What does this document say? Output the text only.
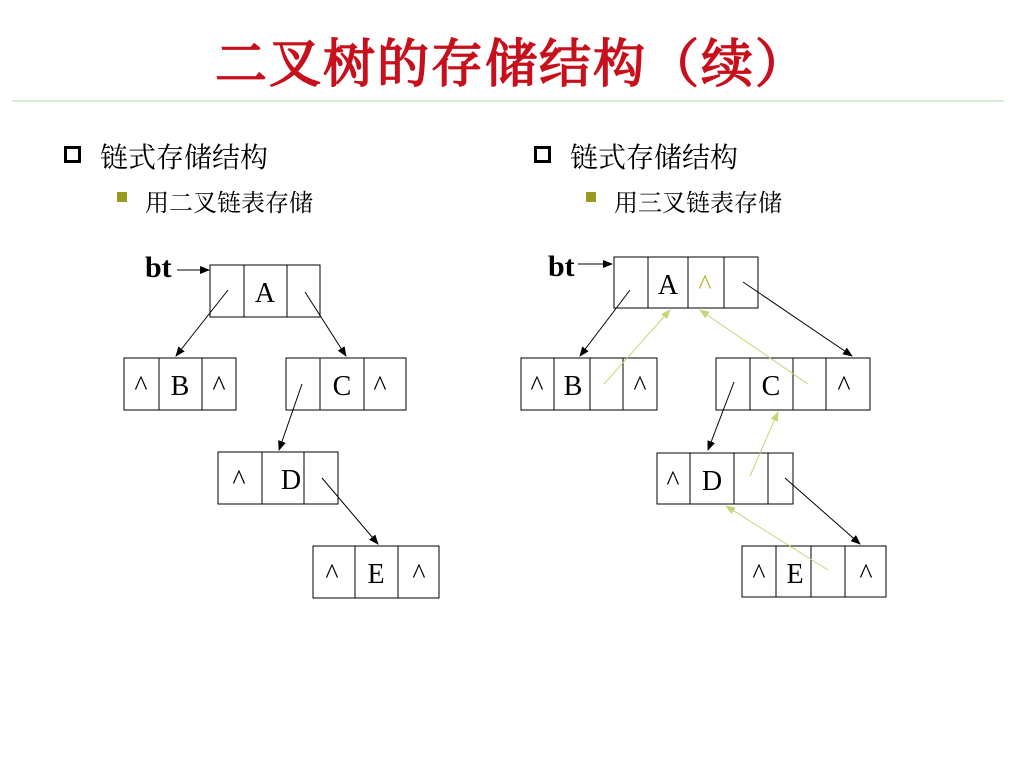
二叉树的存储结构（续）
链式存储结构
用二叉链表存储
链式存储结构
用三叉链表存储
bt
A
^ B ^	C ^
^ D
^ E ^
bt
A ^
^ B ^	C ^
^ D
^ E ^
